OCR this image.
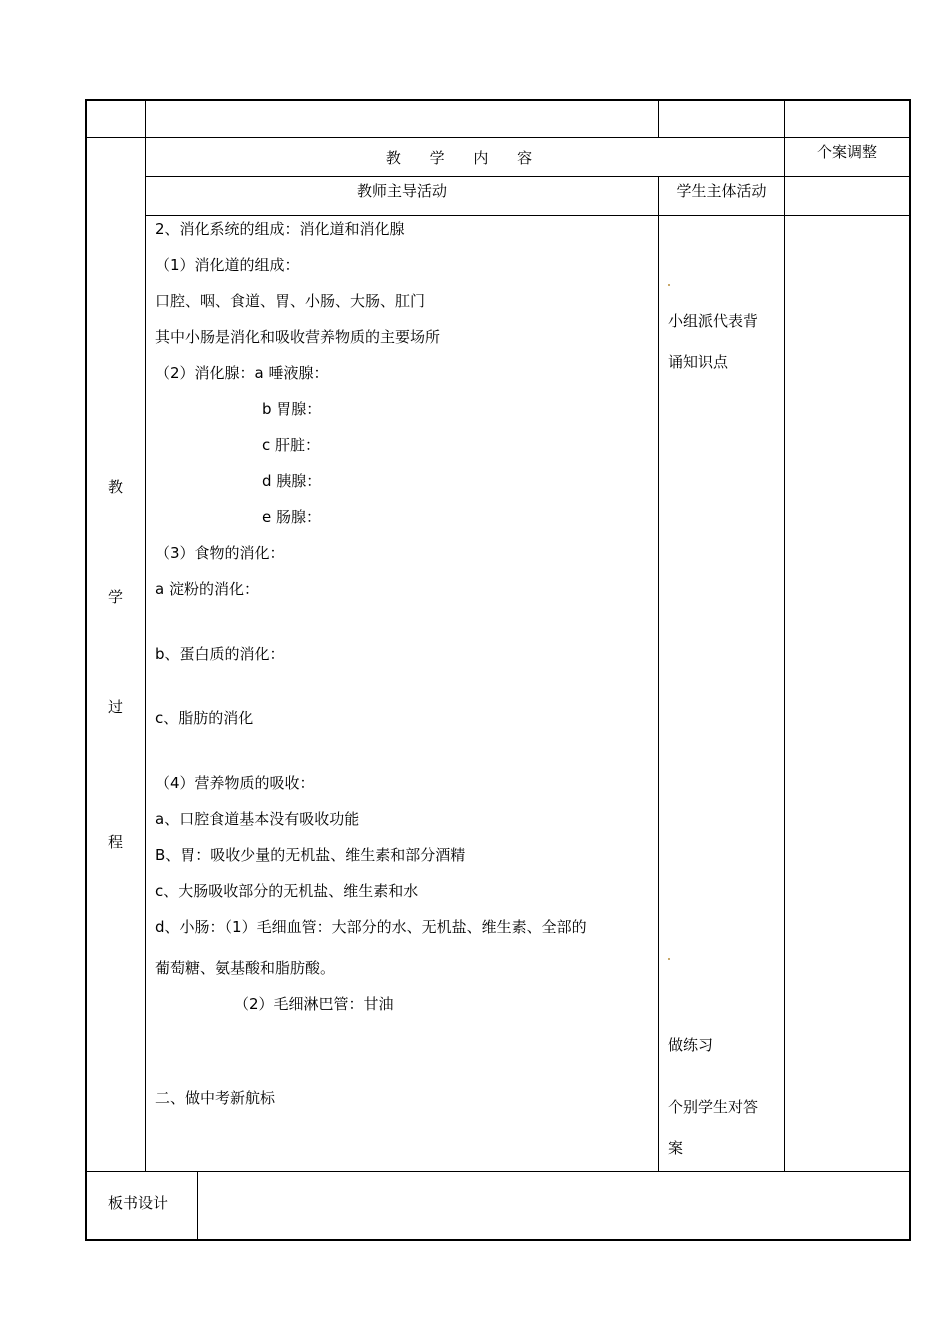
教 学 内 容	个案调整
教师主导活动	学生主体活动
教
学
过
程
2、消化系统的组成：消化道和消化腺
（1）消化道的组成：
口腔、咽、食道、胃、小肠、大肠、肛门
其中小肠是消化和吸收营养物质的主要场所
（2）消化腺：a 唾液腺：
b 胃腺：
c 肝脏：
d 胰腺：
e 肠腺：
（3）食物的消化：
a 淀粉的消化：
b、蛋白质的消化：
c、脂肪的消化
（4）营养物质的吸收：
a、口腔食道基本没有吸收功能
B、胃：吸收少量的无机盐、维生素和部分酒精
c、大肠吸收部分的无机盐、维生素和水
d、小肠：（1）毛细血管：大部分的水、无机盐、维生素、全部的
葡萄糖、氨基酸和脂肪酸。
（2）毛细淋巴管：甘油
二、做中考新航标
小组派代表背
诵知识点
做练习
个别学生对答
案
板书设计
